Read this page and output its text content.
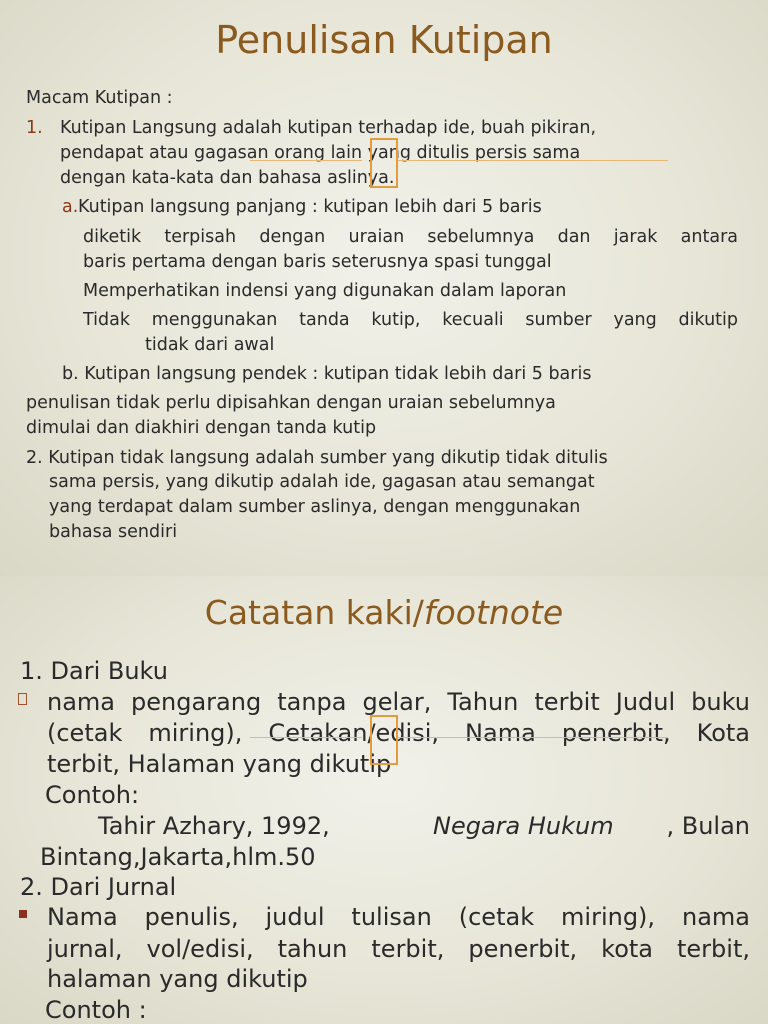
Penulisan Kutipan
Macam Kutipan :
1. Kutipan Langsung adalah kutipan terhadap ide, buah pikiran,
pendapat atau gagasan orang lain yang ditulis persis sama
dengan kata-kata dan bahasa aslinya.
a. Kutipan langsung panjang : kutipan lebih dari 5 baris
diketik terpisah dengan uraian sebelumnya dan jarak antara
baris pertama dengan baris seterusnya spasi tunggal
Memperhatikan indensi yang digunakan dalam laporan
Tidak menggunakan tanda kutip, kecuali sumber yang dikutip
tidak dari awal
b. Kutipan langsung pendek : kutipan tidak lebih dari 5 baris
penulisan tidak perlu dipisahkan dengan uraian sebelumnya
dimulai dan diakhiri dengan tanda kutip
2. Kutipan tidak langsung adalah sumber yang dikutip tidak ditulis
sama persis, yang dikutip adalah ide, gagasan atau semangat
yang terdapat dalam sumber aslinya, dengan menggunakan
bahasa sendiri
Catatan kaki/footnote
1. Dari Buku
nama pengarang tanpa gelar, Tahun terbit Judul buku
(cetak miring), Cetakan/edisi, Nama penerbit, Kota
terbit, Halaman yang dikutip
Contoh:
Tahir Azhary, 1992,	Negara Hukum	, Bulan
Bintang,Jakarta,hlm.50
2. Dari Jurnal
Nama penulis, judul tulisan (cetak miring), nama
jurnal, vol/edisi, tahun terbit, penerbit, kota terbit,
halaman yang dikutip
Contoh :
